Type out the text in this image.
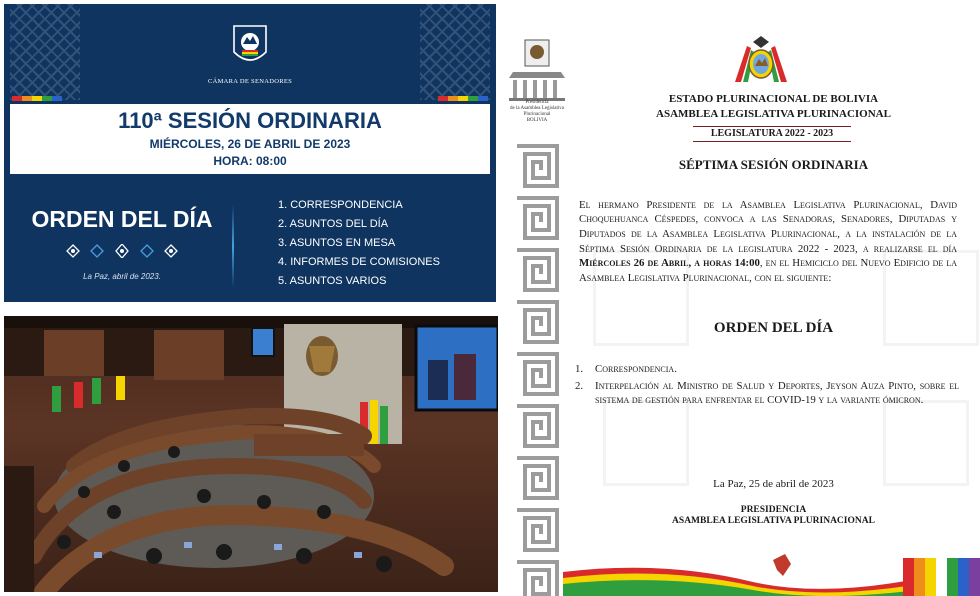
CÁMARA DE SENADORES
110ª SESIÓN ORDINARIA
MIÉRCOLES, 26 DE ABRIL DE 2023
HORA: 08:00
ORDEN DEL DÍA
La Paz, abril de 2023.
1. CORRESPONDENCIA
2. ASUNTOS DEL DÍA
3. ASUNTOS EN MESA
4. INFORMES DE COMISIONES
5. ASUNTOS VARIOS
Presidencia
de la Asamblea Legislativa Plurinacional
BOLIVIA
ESTADO PLURINACIONAL DE BOLIVIA
ASAMBLEA LEGISLATIVA PLURINACIONAL
LEGISLATURA 2022 - 2023
SÉPTIMA SESIÓN ORDINARIA

El hermano Presidente de la Asamblea Legislativa Plurinacional, David Choquehuanca Céspedes, convoca a las Senadoras, Senadores, Diputadas y Diputados de la Asamblea Legislativa Plurinacional, a la instalación de la Séptima Sesión Ordinaria de la legislatura 2022 - 2023, a realizarse el día Miércoles 26 de Abril, a horas 14:00, en el Hemiciclo del Nuevo Edificio de la Asamblea Legislativa Plurinacional, con el siguiente:

ORDEN DEL DÍA
1.	Correspondencia.
2.	Interpelación al Ministro de Salud y Deportes, Jeyson Auza Pinto, sobre el sistema de gestión para enfrentar el COVID-19 y la variante ómicron.
La Paz, 25 de abril de 2023
PRESIDENCIA
ASAMBLEA LEGISLATIVA PLURINACIONAL
